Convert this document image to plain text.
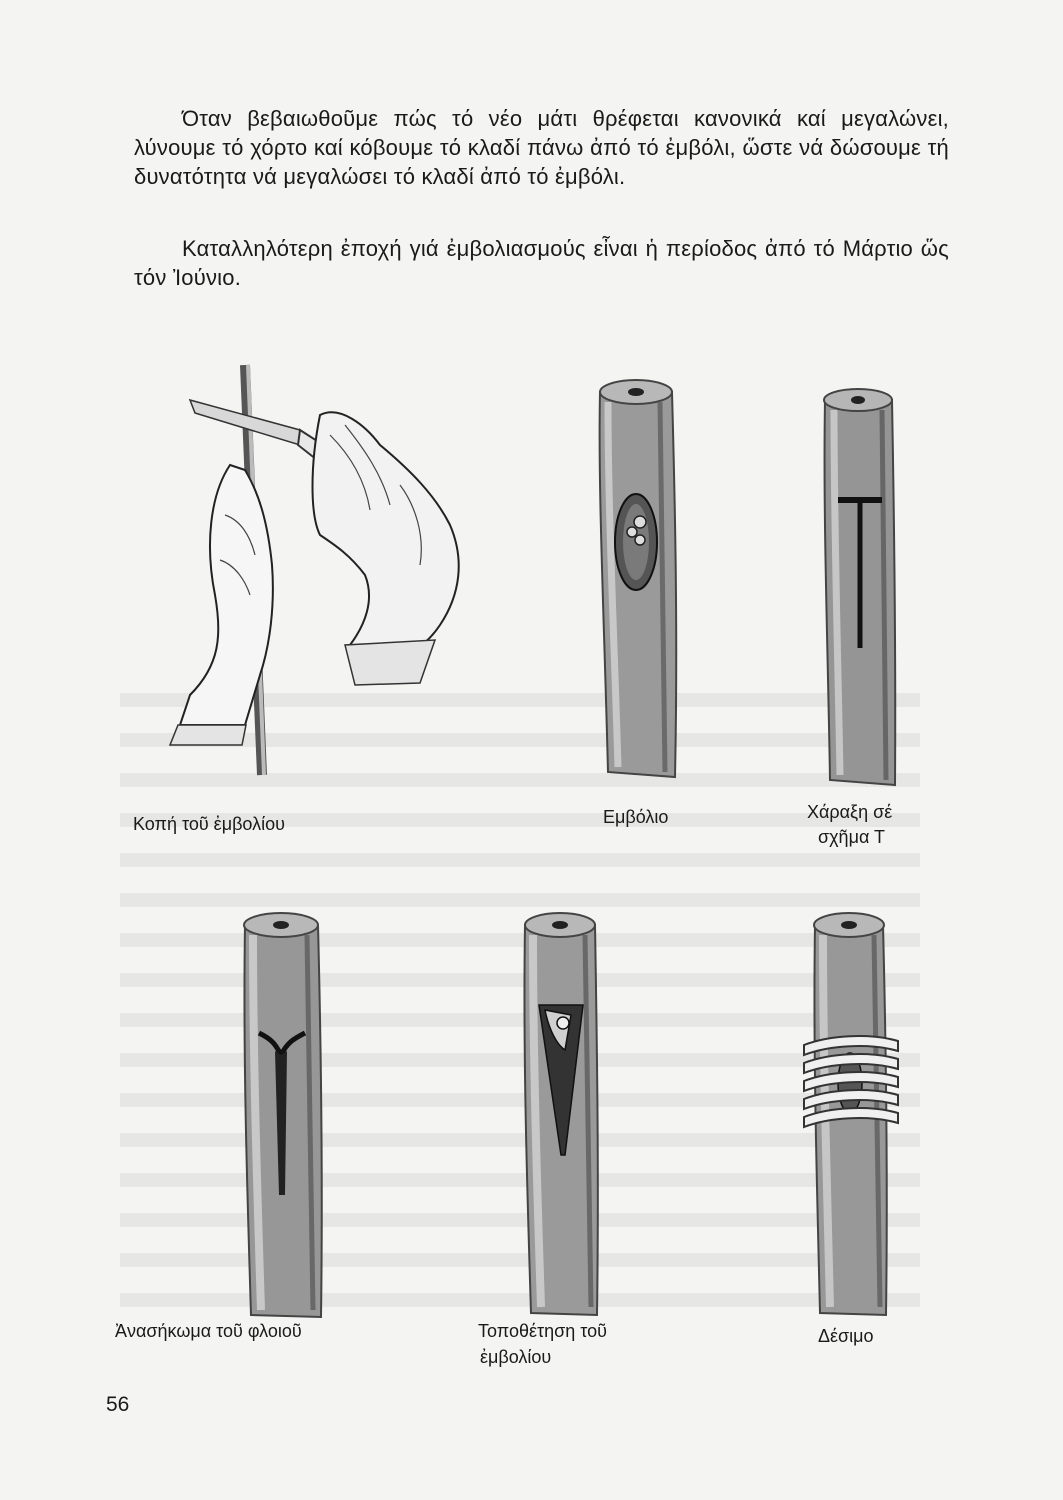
Όταν βεβαιωθοῦμε πώς τό νέο μάτι θρέφεται κανονικά καί μεγαλώνει, λύνουμε τό χόρτο καί κόβουμε τό κλαδί πάνω ἀπό τό ἐμβόλι, ὥστε νά δώσουμε τή δυνατότητα νά μεγαλώσει τό κλαδί ἀπό τό ἐμβόλι.

Καταλληλότερη ἐποχή γιά ἐμβολιασμούς εἶναι ἡ περίοδος ἀπό τό Μάρτιο ὥς τόν Ἰούνιο.

Κοπή τοῦ ἐμβολίου	Εμβόλιο	Χάραξη σέ

σχῆμα Τ

Ἀνασήκωμα τοῦ φλοιοῦ	Τοποθέτηση τοῦ

ἐμβολίου

Δέσιμο

56
